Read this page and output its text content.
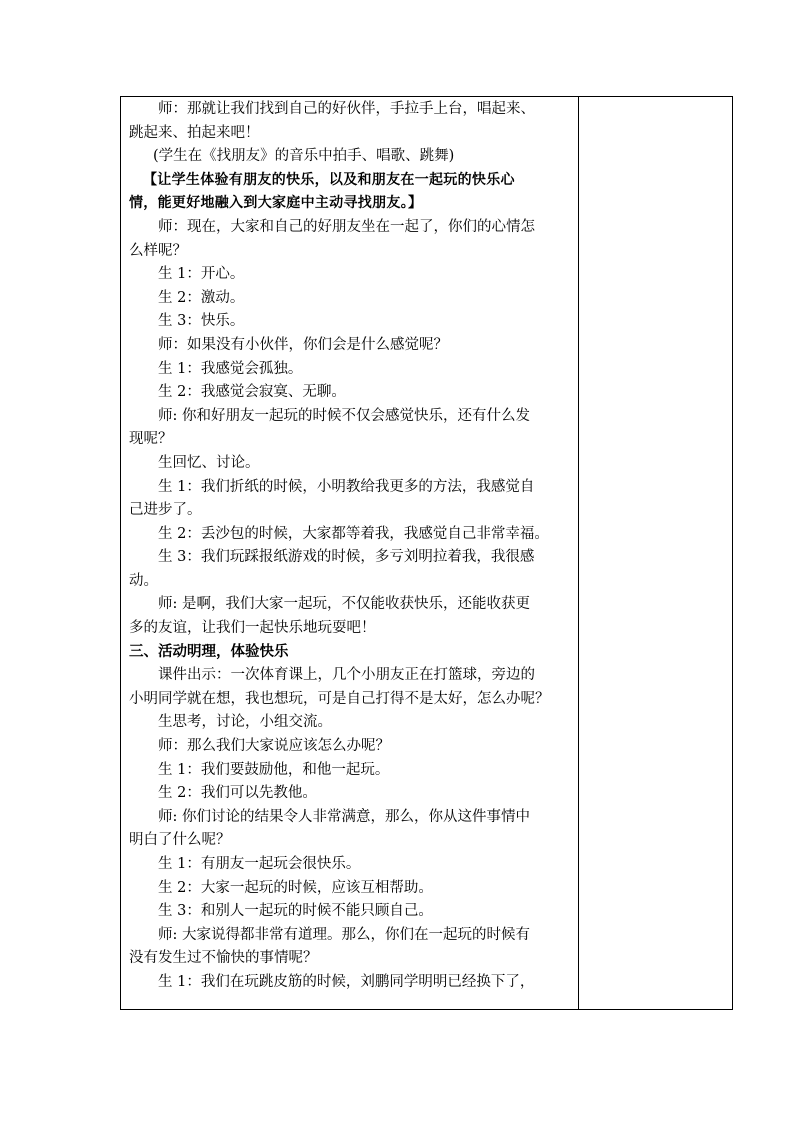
师：那就让我们找到自己的好伙伴，手拉手上台，唱起来、
跳起来、拍起来吧！
(学生在《找朋友》的音乐中拍手、唱歌、跳舞)
【让学生体验有朋友的快乐，以及和朋友在一起玩的快乐心
情，能更好地融入到大家庭中主动寻找朋友。】
师：现在，大家和自己的好朋友坐在一起了，你们的心情怎
么样呢？
生 1：开心。
生 2：激动。
生 3：快乐。
师：如果没有小伙伴，你们会是什么感觉呢？
生 1：我感觉会孤独。
生 2：我感觉会寂寞、无聊。
师: 你和好朋友一起玩的时候不仅会感觉快乐，还有什么发
现呢？
生回忆、讨论。
生 1：我们折纸的时候，小明教给我更多的方法，我感觉自
己进步了。
生 2：丢沙包的时候，大家都等着我，我感觉自己非常幸福。
生 3：我们玩踩报纸游戏的时候，多亏刘明拉着我，我很感
动。
师: 是啊，我们大家一起玩，不仅能收获快乐，还能收获更
多的友谊，让我们一起快乐地玩耍吧！
三、活动明理，体验快乐
课件出示：一次体育课上，几个小朋友正在打篮球，旁边的
小明同学就在想，我也想玩，可是自己打得不是太好，怎么办呢？
生思考，讨论，小组交流。
师：那么我们大家说应该怎么办呢？
生 1：我们要鼓励他，和他一起玩。
生 2：我们可以先教他。
师: 你们讨论的结果令人非常满意，那么，你从这件事情中
明白了什么呢？
生 1：有朋友一起玩会很快乐。
生 2：大家一起玩的时候，应该互相帮助。
生 3：和别人一起玩的时候不能只顾自己。
师: 大家说得都非常有道理。那么，你们在一起玩的时候有
没有发生过不愉快的事情呢？
生 1：我们在玩跳皮筋的时候，刘鹏同学明明已经换下了，
